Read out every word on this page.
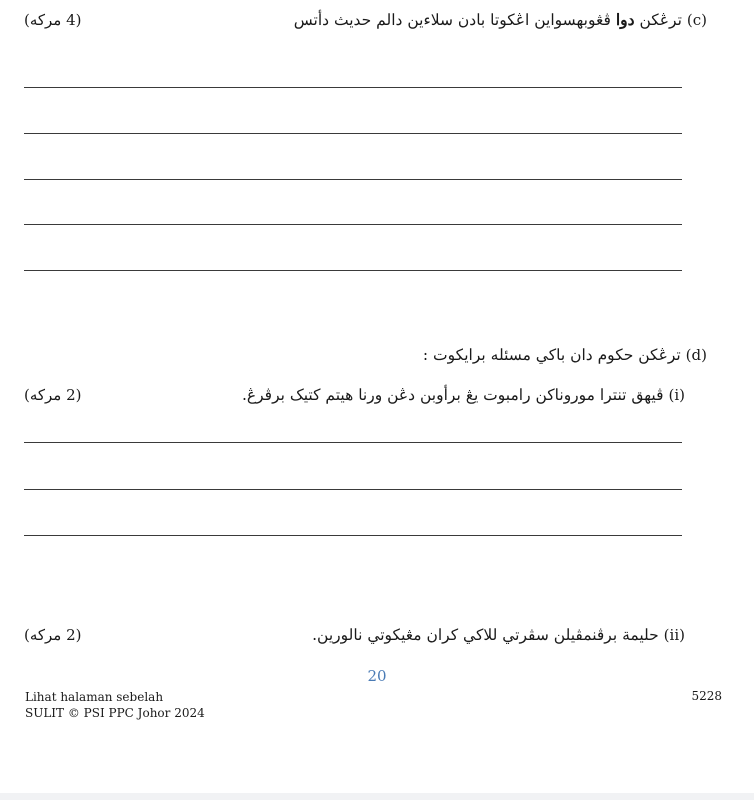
(4 مرکه)	(c) ترڠکن دوا ڤڠوبهسواين اڠکوتا بادن سلاءين دالم حديث دأتس
(d) ترڠکن حکوم دان باکي مسئله برايکوت :
(2 مرکه)	(i) ڤيهق تنترا موروناکن رامبوت يڠ برأوبن دڠن ورنا هيتم کتيک برڤرڠ.
(2 مرکه)	(ii) حليمة برڤنمڤيلن سڤرتي للاکي کران مڠيکوتي نالورين.
20
Lihat halaman sebelah
SULIT © PSI PPC Johor 2024
5228
